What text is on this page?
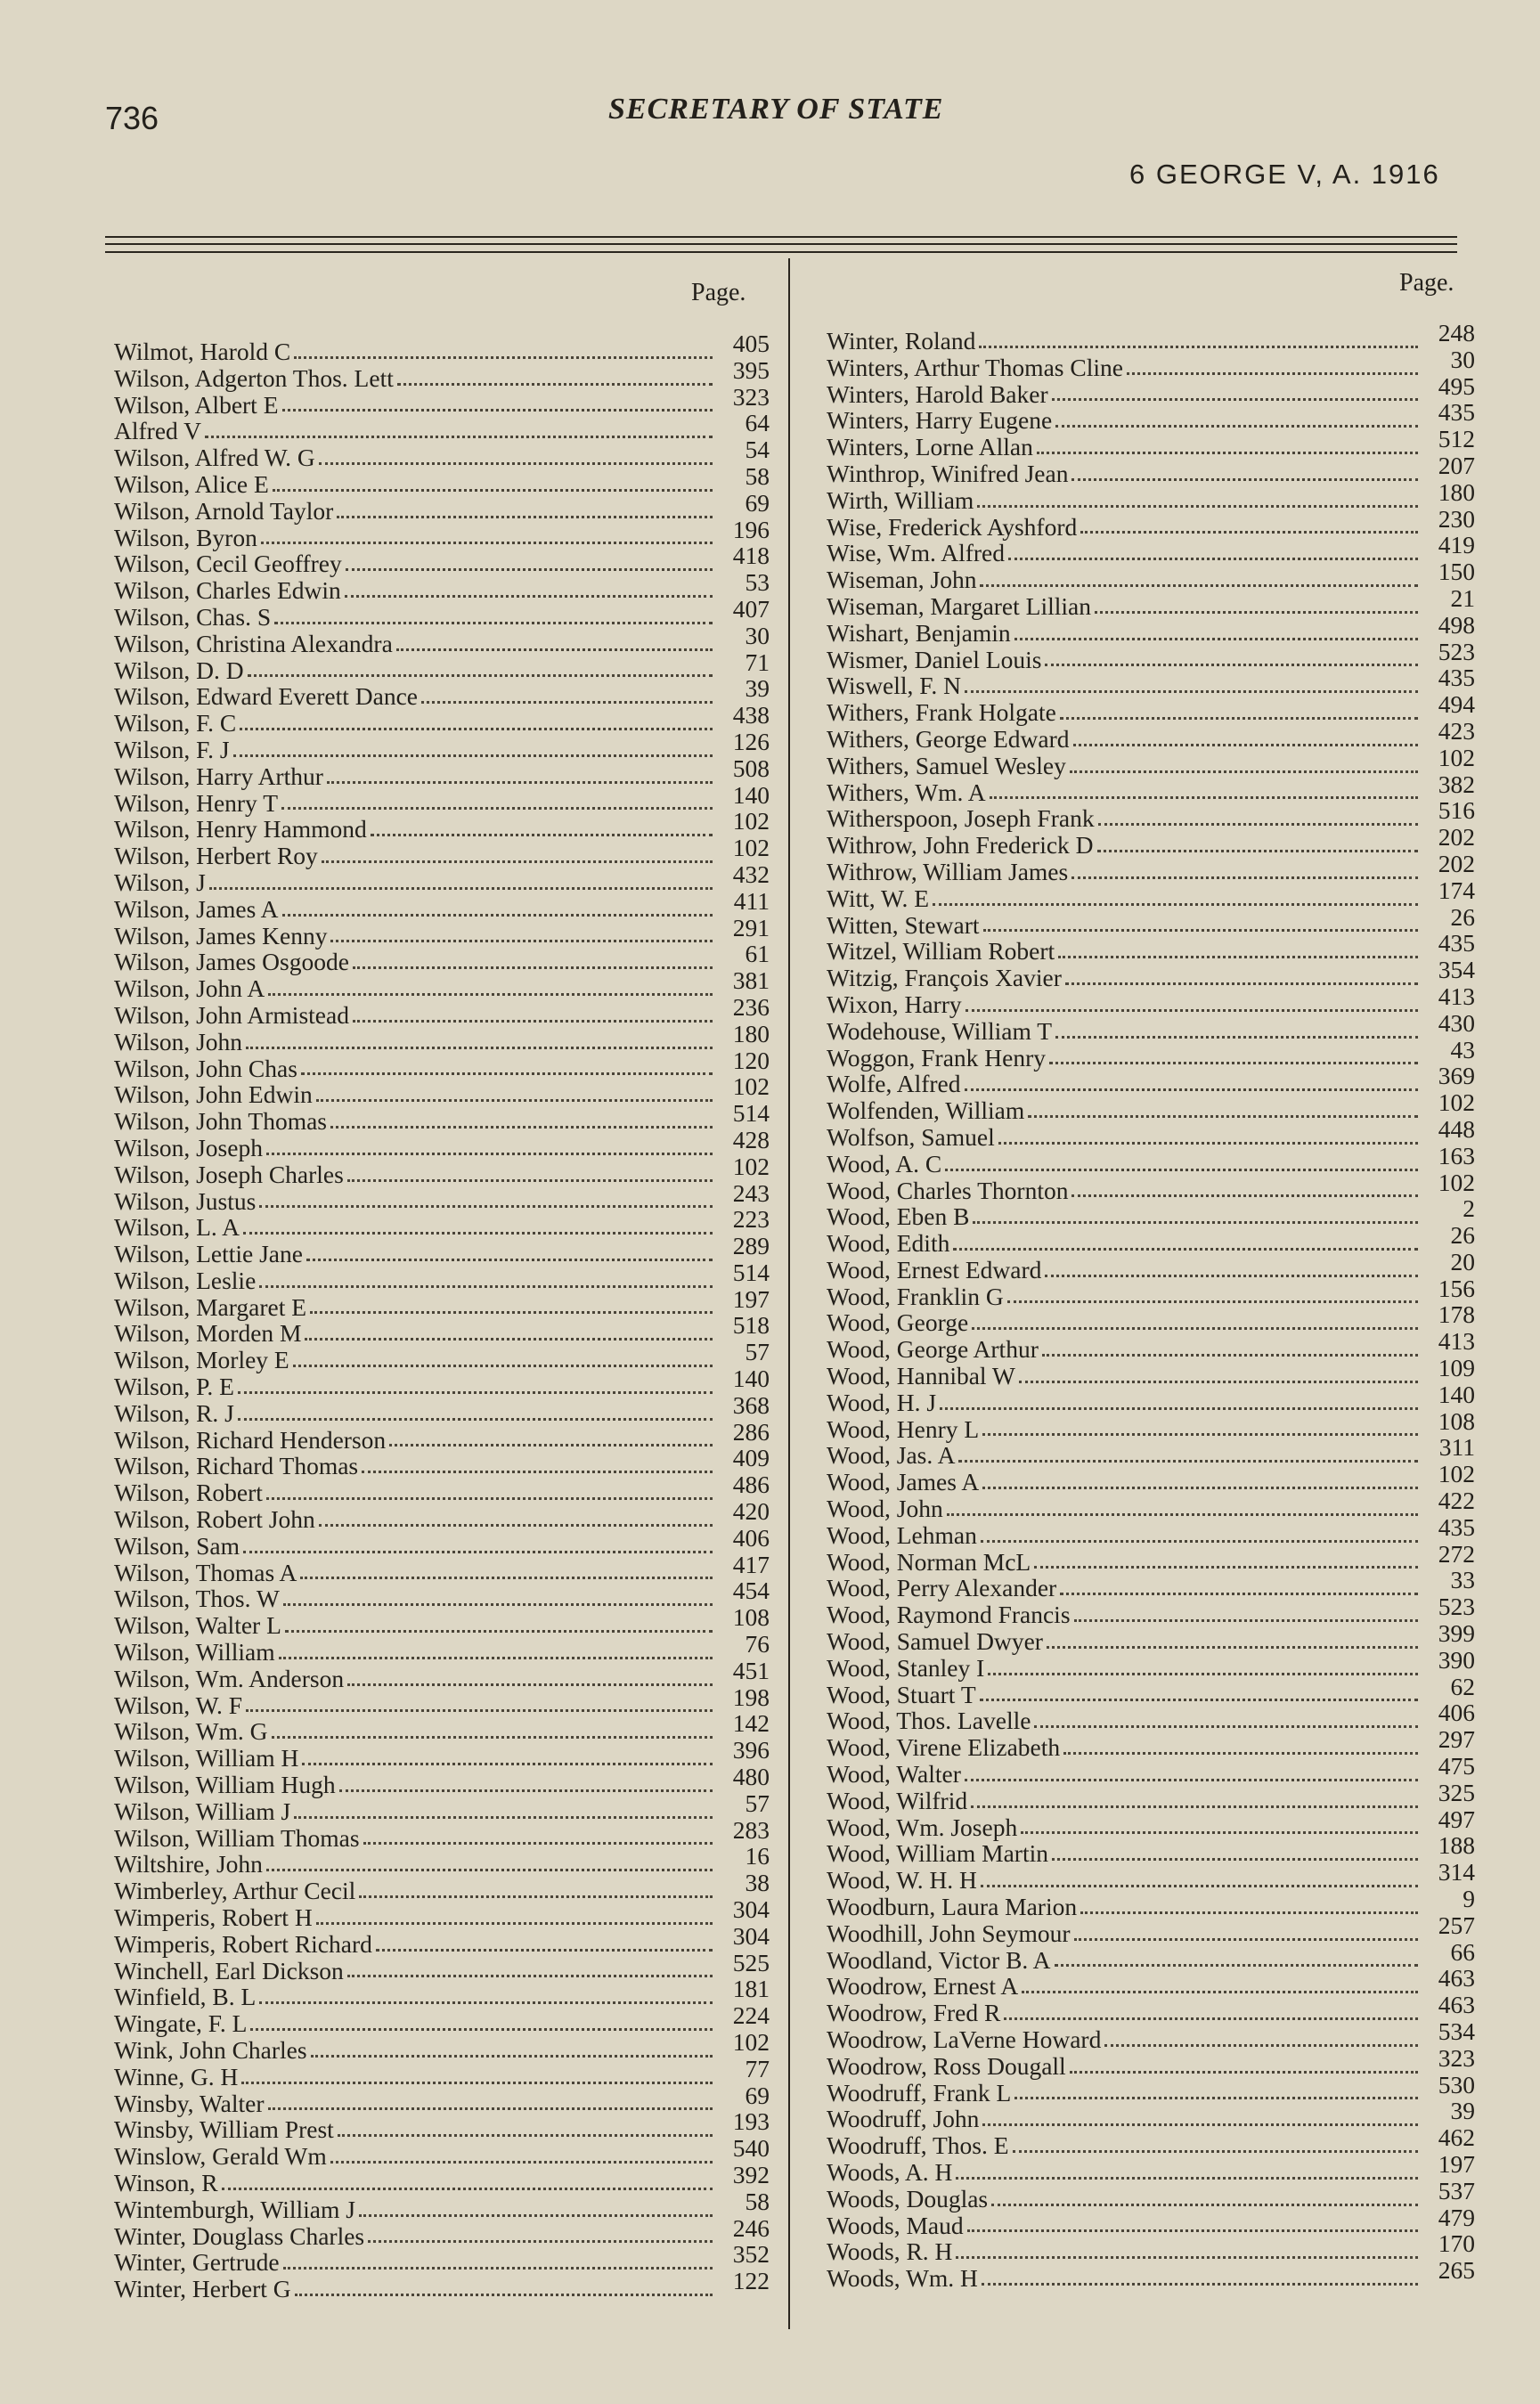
736	SECRETARY OF STATE
6 GEORGE V, A. 1916
Page.	Page.
Wilmot, Harold C	405
Wilson, Adgerton Thos. Lett	395
Wilson, Albert E	323
Alfred V	64
Wilson, Alfred W. G	54
Wilson, Alice E	58
Wilson, Arnold Taylor	69
Wilson, Byron	196
Wilson, Cecil Geoffrey	418
Wilson, Charles Edwin	53
Wilson, Chas. S	407
Wilson, Christina Alexandra	30
Wilson, D. D	71
Wilson, Edward Everett Dance	39
Wilson, F. C	438
Wilson, F. J	126
Wilson, Harry Arthur	508
Wilson, Henry T	140
Wilson, Henry Hammond	102
Wilson, Herbert Roy	102
Wilson, J	432
Wilson, James A	411
Wilson, James Kenny	291
Wilson, James Osgoode	61
Wilson, John A	381
Wilson, John Armistead	236
Wilson, John	180
Wilson, John Chas	120
Wilson, John Edwin	102
Wilson, John Thomas	514
Wilson, Joseph	428
Wilson, Joseph Charles	102
Wilson, Justus	243
Wilson, L. A	223
Wilson, Lettie Jane	289
Wilson, Leslie	514
Wilson, Margaret E	197
Wilson, Morden M	518
Wilson, Morley E	57
Wilson, P. E	140
Wilson, R. J	368
Wilson, Richard Henderson	286
Wilson, Richard Thomas	409
Wilson, Robert	486
Wilson, Robert John	420
Wilson, Sam	406
Wilson, Thomas A	417
Wilson, Thos. W	454
Wilson, Walter L	108
Wilson, William	76
Wilson, Wm. Anderson	451
Wilson, W. F	198
Wilson, Wm. G	142
Wilson, William H	396
Wilson, William Hugh	480
Wilson, William J	57
Wilson, William Thomas	283
Wiltshire, John	16
Wimberley, Arthur Cecil	38
Wimperis, Robert H	304
Wimperis, Robert Richard	304
Winchell, Earl Dickson	525
Winfield, B. L	181
Wingate, F. L	224
Wink, John Charles	102
Winne, G. H	77
Winsby, Walter	69
Winsby, William Prest	193
Winslow, Gerald Wm	540
Winson, R	392
Wintemburgh, William J	58
Winter, Douglass Charles	246
Winter, Gertrude	352
Winter, Herbert G	122
Winter, Roland	248
Winters, Arthur Thomas Cline	30
Winters, Harold Baker	495
Winters, Harry Eugene	435
Winters, Lorne Allan	512
Winthrop, Winifred Jean	207
Wirth, William	180
Wise, Frederick Ayshford	230
Wise, Wm. Alfred	419
Wiseman, John	150
Wiseman, Margaret Lillian	21
Wishart, Benjamin	498
Wismer, Daniel Louis	523
Wiswell, F. N	435
Withers, Frank Holgate	494
Withers, George Edward	423
Withers, Samuel Wesley	102
Withers, Wm. A	382
Witherspoon, Joseph Frank	516
Withrow, John Frederick D	202
Withrow, William James	202
Witt, W. E	174
Witten, Stewart	26
Witzel, William Robert	435
Witzig, François Xavier	354
Wixon, Harry	413
Wodehouse, William T	430
Woggon, Frank Henry	43
Wolfe, Alfred	369
Wolfenden, William	102
Wolfson, Samuel	448
Wood, A. C	163
Wood, Charles Thornton	102
Wood, Eben B	2
Wood, Edith	26
Wood, Ernest Edward	20
Wood, Franklin G	156
Wood, George	178
Wood, George Arthur	413
Wood, Hannibal W	109
Wood, H. J	140
Wood, Henry L	108
Wood, Jas. A	311
Wood, James A	102
Wood, John	422
Wood, Lehman	435
Wood, Norman McL	272
Wood, Perry Alexander	33
Wood, Raymond Francis	523
Wood, Samuel Dwyer	399
Wood, Stanley I	390
Wood, Stuart T	62
Wood, Thos. Lavelle	406
Wood, Virene Elizabeth	297
Wood, Walter	475
Wood, Wilfrid	325
Wood, Wm. Joseph	497
Wood, William Martin	188
Wood, W. H. H	314
Woodburn, Laura Marion	9
Woodhill, John Seymour	257
Woodland, Victor B. A	66
Woodrow, Ernest A	463
Woodrow, Fred R	463
Woodrow, LaVerne Howard	534
Woodrow, Ross Dougall	323
Woodruff, Frank L	530
Woodruff, John	39
Woodruff, Thos. E	462
Woods, A. H	197
Woods, Douglas	537
Woods, Maud	479
Woods, R. H	170
Woods, Wm. H	265
